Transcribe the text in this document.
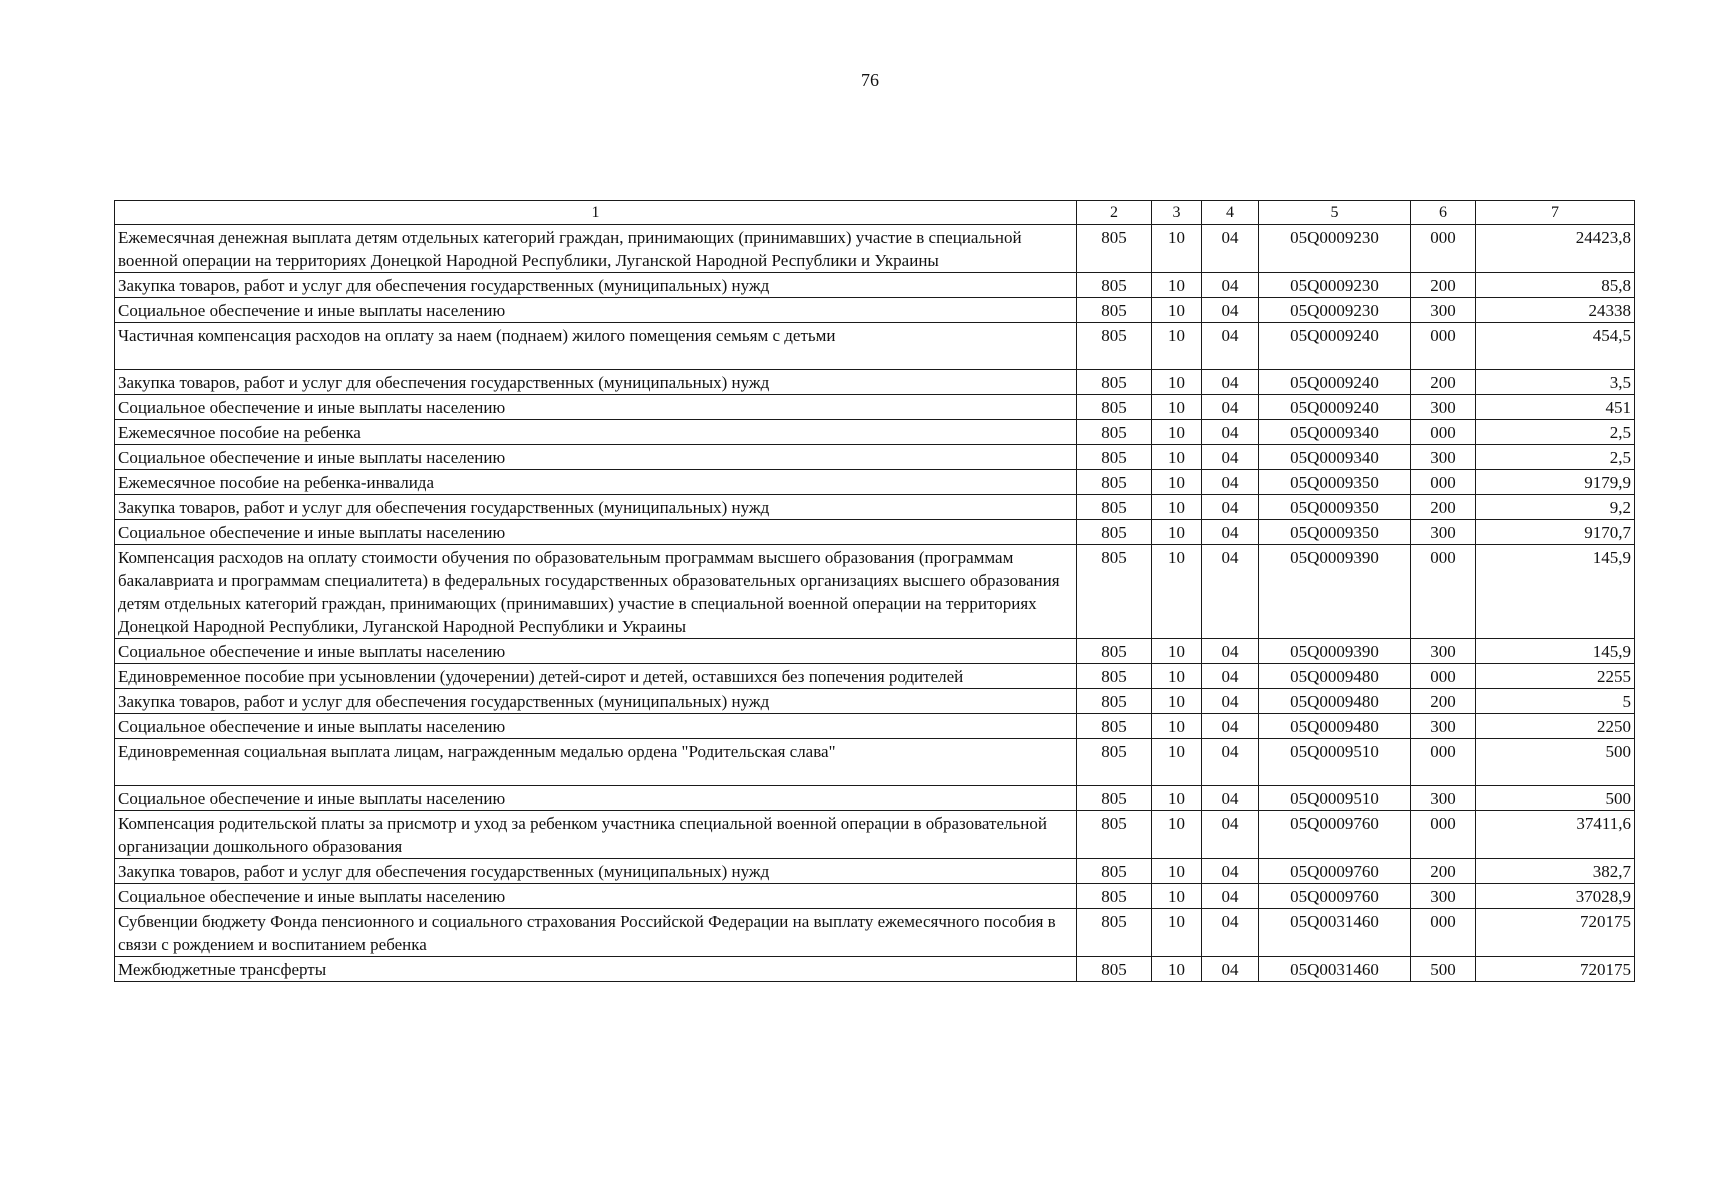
76
1	2	3	4	5	6	7
Ежемесячная денежная выплата детям отдельных категорий граждан, принимающих (принимавших) участие в специальной военной операции на территориях Донецкой Народной Республики, Луганской Народной Республики и Украины	805	10	04	05Q0009230	000	24423,8
Закупка товаров, работ и услуг для обеспечения государственных (муниципальных) нужд	805	10	04	05Q0009230	200	85,8
Социальное обеспечение и иные выплаты населению	805	10	04	05Q0009230	300	24338
Частичная компенсация расходов на оплату за наем (поднаем) жилого помещения семьям с детьми	805	10	04	05Q0009240	000	454,5
Закупка товаров, работ и услуг для обеспечения государственных (муниципальных) нужд	805	10	04	05Q0009240	200	3,5
Социальное обеспечение и иные выплаты населению	805	10	04	05Q0009240	300	451
Ежемесячное пособие на ребенка	805	10	04	05Q0009340	000	2,5
Социальное обеспечение и иные выплаты населению	805	10	04	05Q0009340	300	2,5
Ежемесячное пособие на ребенка-инвалида	805	10	04	05Q0009350	000	9179,9
Закупка товаров, работ и услуг для обеспечения государственных (муниципальных) нужд	805	10	04	05Q0009350	200	9,2
Социальное обеспечение и иные выплаты населению	805	10	04	05Q0009350	300	9170,7
Компенсация расходов на оплату стоимости обучения по образовательным программам высшего образования (программам бакалавриата и программам специалитета) в федеральных государственных образовательных организациях высшего образования детям отдельных категорий граждан, принимающих (принимавших) участие в специальной военной операции на территориях Донецкой Народной Республики, Луганской Народной Республики и Украины	805	10	04	05Q0009390	000	145,9
Социальное обеспечение и иные выплаты населению	805	10	04	05Q0009390	300	145,9
Единовременное пособие при усыновлении (удочерении) детей-сирот и детей, оставшихся без попечения родителей	805	10	04	05Q0009480	000	2255
Закупка товаров, работ и услуг для обеспечения государственных (муниципальных) нужд	805	10	04	05Q0009480	200	5
Социальное обеспечение и иные выплаты населению	805	10	04	05Q0009480	300	2250
Единовременная социальная выплата лицам, награжденным медалью ордена "Родительская слава"	805	10	04	05Q0009510	000	500
Социальное обеспечение и иные выплаты населению	805	10	04	05Q0009510	300	500
Компенсация родительской платы за присмотр и уход за ребенком участника специальной военной операции в образовательной организации дошкольного образования	805	10	04	05Q0009760	000	37411,6
Закупка товаров, работ и услуг для обеспечения государственных (муниципальных) нужд	805	10	04	05Q0009760	200	382,7
Социальное обеспечение и иные выплаты населению	805	10	04	05Q0009760	300	37028,9
Субвенции бюджету Фонда пенсионного и социального страхования Российской Федерации на выплату ежемесячного пособия в связи с рождением и воспитанием ребенка	805	10	04	05Q0031460	000	720175
Межбюджетные трансферты	805	10	04	05Q0031460	500	720175
